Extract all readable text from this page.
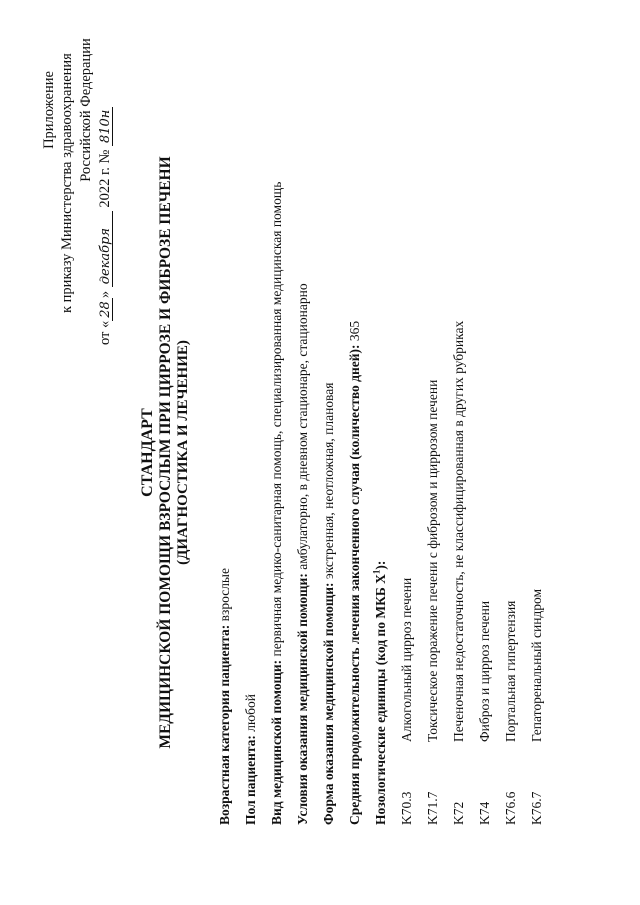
Приложение к приказу Министерства здравоохранения Российской Федерации
от «28» декабря 2022 г. № 810н
СТАНДАРТ МЕДИЦИНСКОЙ ПОМОЩИ ВЗРОСЛЫМ ПРИ ЦИРРОЗЕ И ФИБРОЗЕ ПЕЧЕНИ (ДИАГНОСТИКА И ЛЕЧЕНИЕ)
Возрастная категория пациента: взрослые
Пол пациента: любой Вид медицинской помощи: первичная медико-санитарная помощь, специализированная медицинская помощь
Условия оказания медицинской помощи: амбулаторно, в дневном стационаре, стационарно
Форма оказания медицинской помощи: экстренная, неотложная, плановая Средняя продолжительность лечения законченного случая (количество дней): 365
Нозологические единицы (код по МКБ $X^1$):
K70.3
Алкогольный цирроз печени
K71.7
Токсическое поражение печени с фиброзом и циррозом печени
K72
Печеночная недостаточность, не классифицированная в других рубриках
K74
Фиброз и цирроз печени
K76.6
Портальная гипертензия
K76.7
Гепаторенальный синдром
